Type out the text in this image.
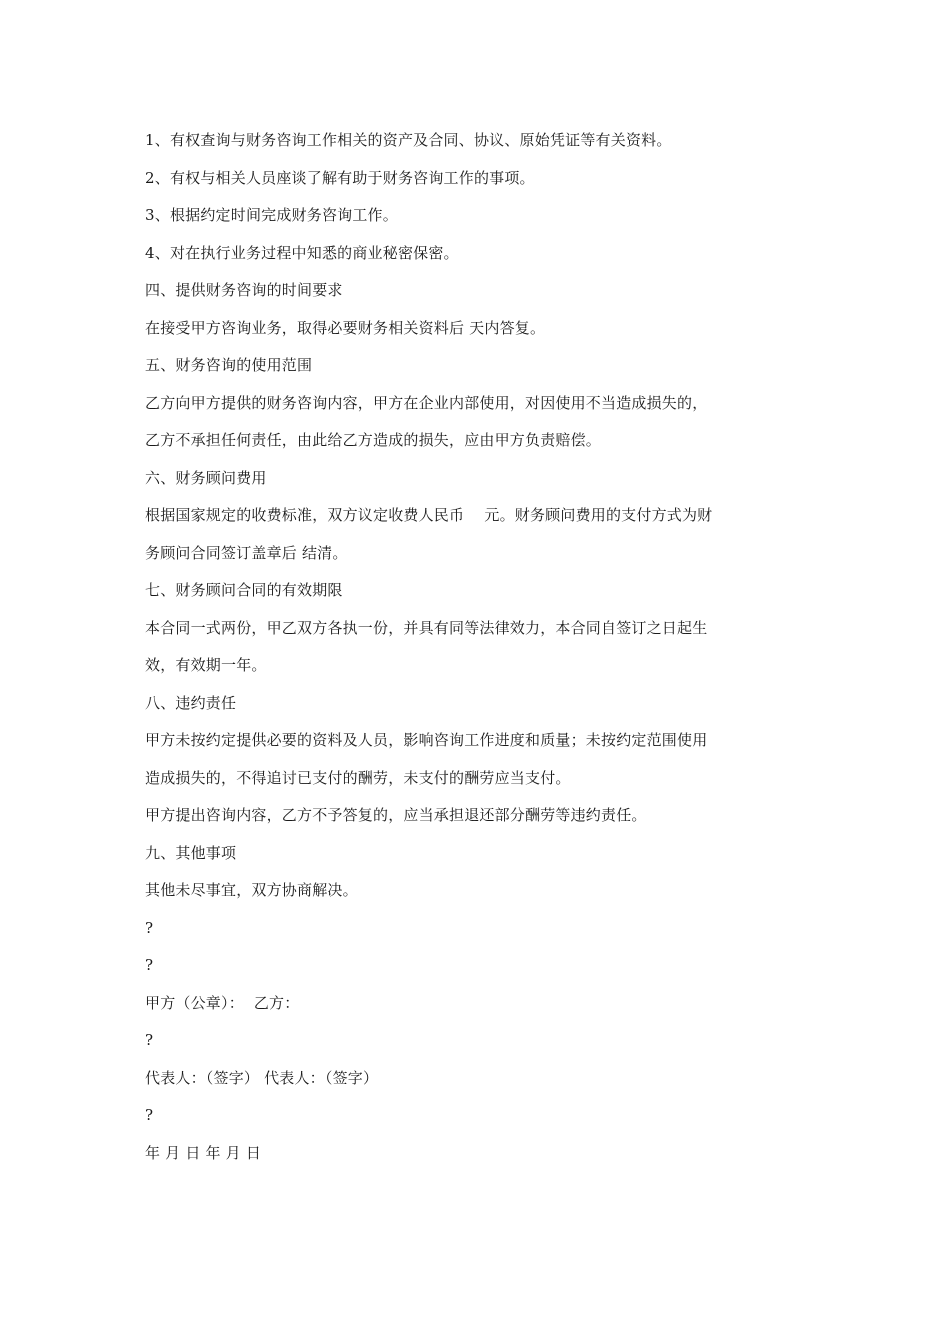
1、有权查询与财务咨询工作相关的资产及合同、协议、原始凭证等有关资料。
2、有权与相关人员座谈了解有助于财务咨询工作的事项。
3、根据约定时间完成财务咨询工作。
4、对在执行业务过程中知悉的商业秘密保密。
四、提供财务咨询的时间要求
在接受甲方咨询业务，取得必要财务相关资料后 天内答复。
五、财务咨询的使用范围
乙方向甲方提供的财务咨询内容，甲方在企业内部使用，对因使用不当造成损失的，
乙方不承担任何责任，由此给乙方造成的损失，应由甲方负责赔偿。
六、财务顾问费用
根据国家规定的收费标准，双方议定收费人民币　 元。财务顾问费用的支付方式为财
务顾问合同签订盖章后 结清。
七、财务顾问合同的有效期限
本合同一式两份，甲乙双方各执一份，并具有同等法律效力，本合同自签订之日起生
效，有效期一年。
八、违约责任
甲方未按约定提供必要的资料及人员，影响咨询工作进度和质量；未按约定范围使用
造成损失的，不得追讨已支付的酬劳，未支付的酬劳应当支付。
甲方提出咨询内容，乙方不予答复的，应当承担退还部分酬劳等违约责任。
九、其他事项
其他未尽事宜，双方协商解决。
?
?
甲方（公章）：  乙方：
?
代表人：（签字） 代表人：（签字）
?
年 月 日 年 月 日
